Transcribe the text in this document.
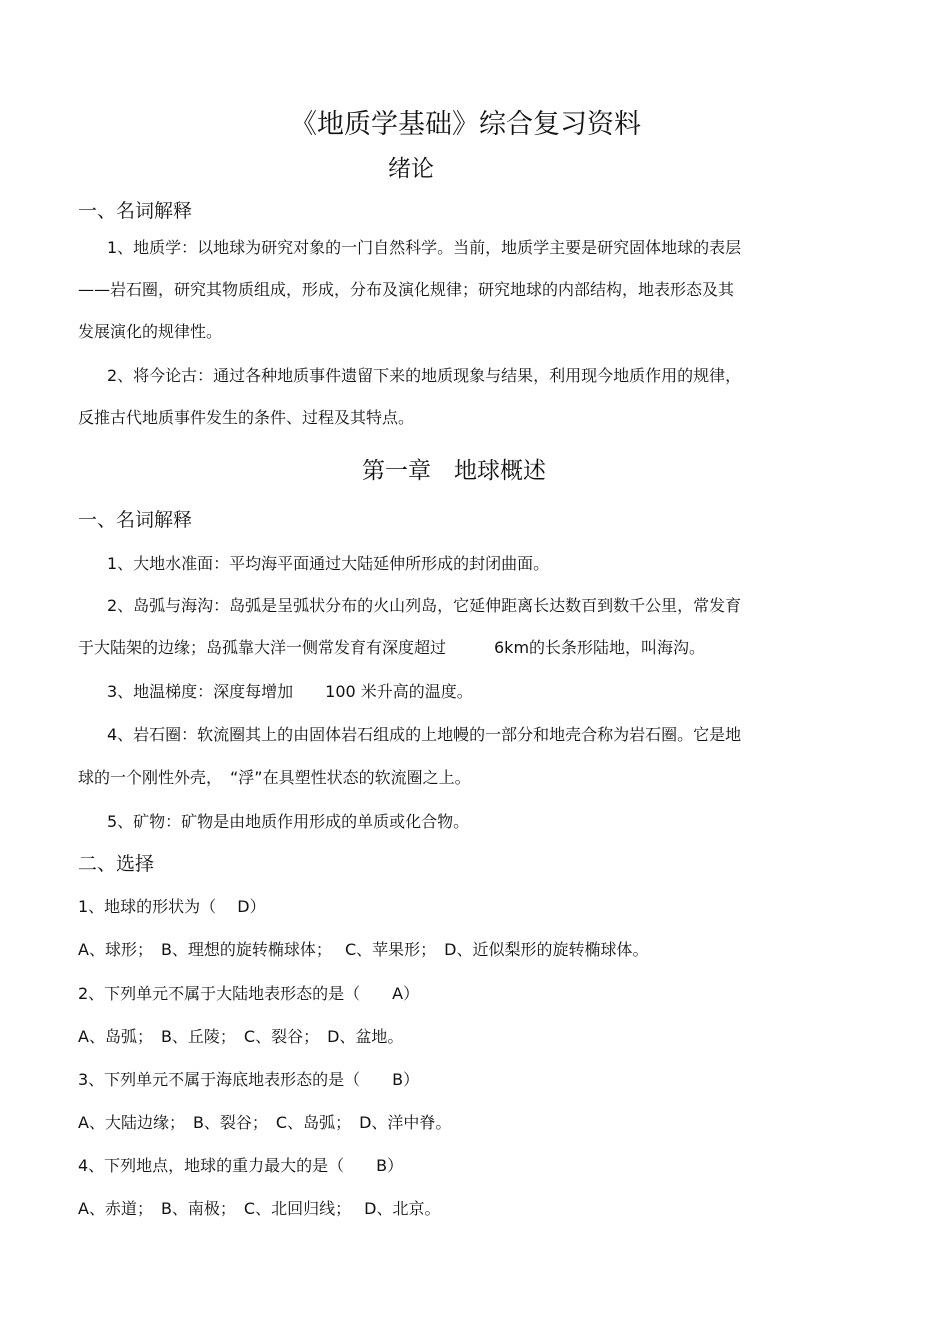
《地质学基础》综合复习资料
绪论
一、名词解释
1、地质学：以地球为研究对象的一门自然科学。当前，地质学主要是研究固体地球的表层
——岩石圈，研究其物质组成，形成，分布及演化规律；研究地球的内部结构，地表形态及其
发展演化的规律性。
2、将今论古：通过各种地质事件遗留下来的地质现象与结果，利用现今地质作用的规律，
反推古代地质事件发生的条件、过程及其特点。
第一章　地球概述
一、名词解释
1、大地水准面：平均海平面通过大陆延伸所形成的封闭曲面。
2、岛弧与海沟：岛弧是呈弧状分布的火山列岛，它延伸距离长达数百到数千公里，常发育
于大陆架的边缘；岛孤靠大洋一侧常发育有深度超过　　　6km的长条形陆地，叫海沟。
3、地温梯度：深度每增加　　100 米升高的温度。
4、岩石圈：软流圈其上的由固体岩石组成的上地幔的一部分和地壳合称为岩石圈。它是地
球的一个刚性外壳，　“浮”在具塑性状态的软流圈之上。
5、矿物：矿物是由地质作用形成的单质或化合物。
二、选择
1、地球的形状为（　 D）
A、球形；　B、理想的旋转椭球体；　 C、苹果形；　D、近似梨形的旋转椭球体。
2、下列单元不属于大陆地表形态的是（　　A）
A、岛弧；　B、丘陵；　C、裂谷；　D、盆地。
3、下列单元不属于海底地表形态的是（　　B）
A、大陆边缘；　B、裂谷；　C、岛弧；　D、洋中脊。
4、下列地点，地球的重力最大的是（　　B）
A、赤道；　B、南极；　C、北回归线；　 D、北京。
